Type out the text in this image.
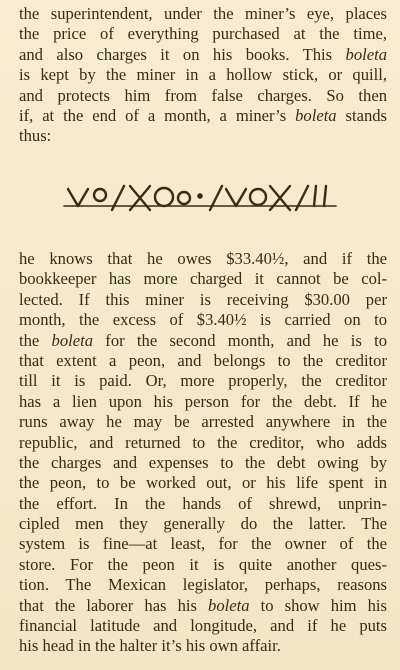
the superintendent, under the miner’s eye, places
the price of everything purchased at the time,
and also charges it on his books. This boleta
is kept by the miner in a hollow stick, or quill,
and protects him from false charges. So then
if, at the end of a month, a miner’s boleta stands
thus:
he knows that he owes $33.40½, and if the
bookkeeper has more charged it cannot be col-
lected. If this miner is receiving $30.00 per
month, the excess of $3.40½ is carried on to
the boleta for the second month, and he is to
that extent a peon, and belongs to the creditor
till it is paid. Or, more properly, the creditor
has a lien upon his person for the debt. If he
runs away he may be arrested anywhere in the
republic, and returned to the creditor, who adds
the charges and expenses to the debt owing by
the peon, to be worked out, or his life spent in
the effort. In the hands of shrewd, unprin-
cipled men they generally do the latter. The
system is fine—at least, for the owner of the
store. For the peon it is quite another ques-
tion. The Mexican legislator, perhaps, reasons
that the laborer has his boleta to show him his
financial latitude and longitude, and if he puts
his head in the halter it’s his own affair.
